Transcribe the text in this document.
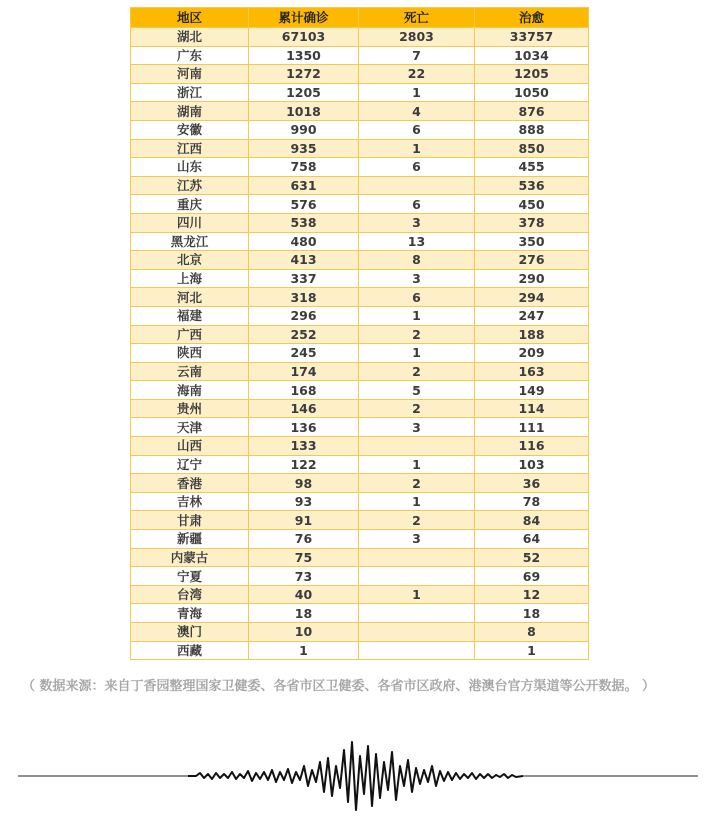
地区	累计确诊	死亡	治愈
湖北	67103	2803	33757
广东	1350	7	1034
河南	1272	22	1205
浙江	1205	1	1050
湖南	1018	4	876
安徽	990	6	888
江西	935	1	850
山东	758	6	455
江苏	631		536
重庆	576	6	450
四川	538	3	378
黑龙江	480	13	350
北京	413	8	276
上海	337	3	290
河北	318	6	294
福建	296	1	247
广西	252	2	188
陕西	245	1	209
云南	174	2	163
海南	168	5	149
贵州	146	2	114
天津	136	3	111
山西	133		116
辽宁	122	1	103
香港	98	2	36
吉林	93	1	78
甘肃	91	2	84
新疆	76	3	64
内蒙古	75		52
宁夏	73		69
台湾	40	1	12
青海	18		18
澳门	10		8
西藏	1		1
（ 数据来源：来自丁香园整理国家卫健委、各省市区卫健委、各省市区政府、港澳台官方渠道等公开数据。 ）
